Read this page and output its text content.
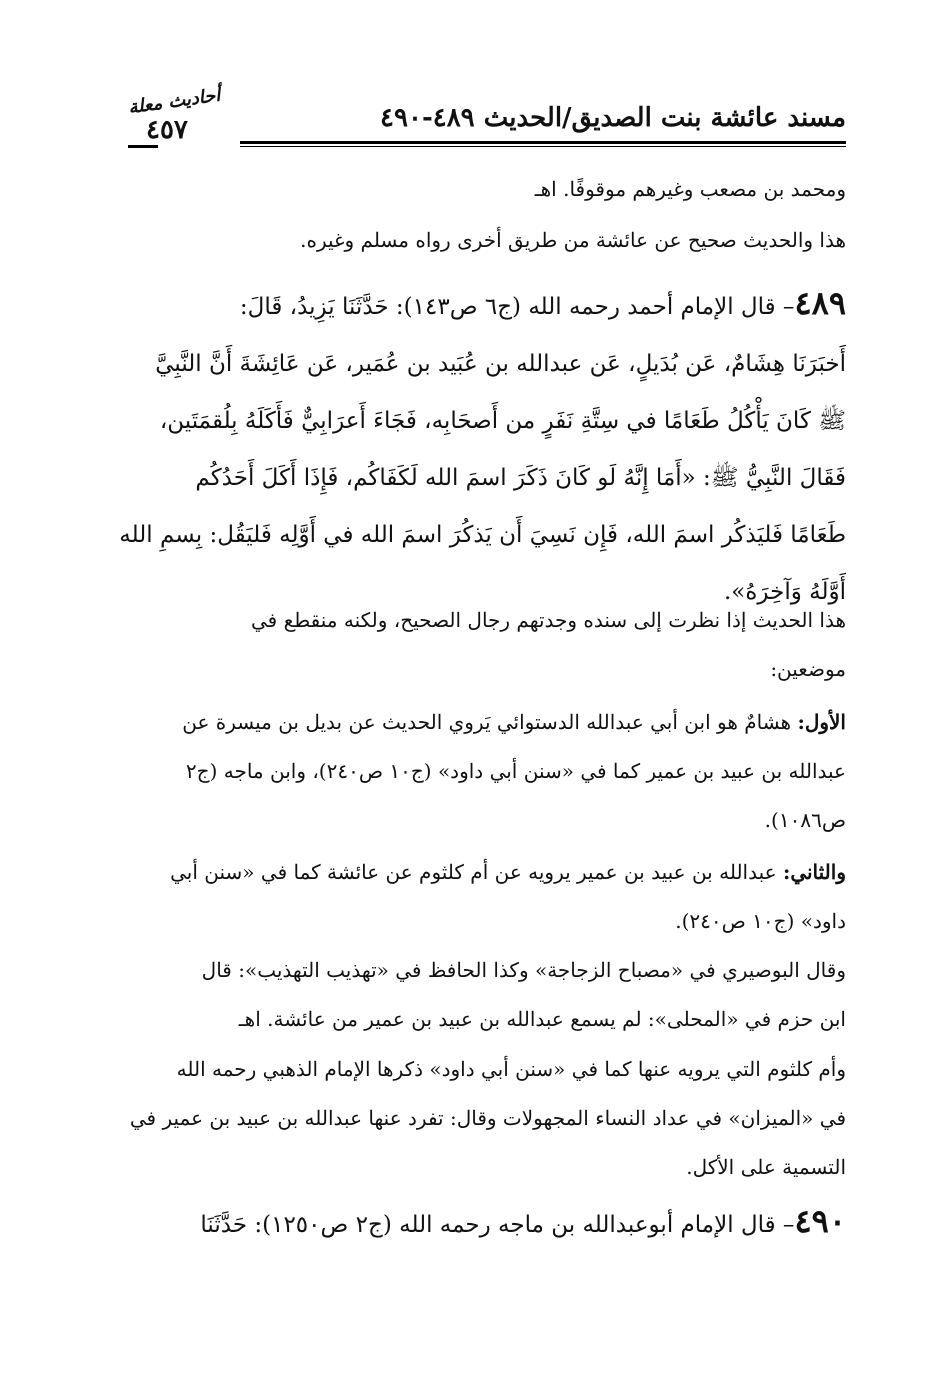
مسند عائشة بنت الصديق/الحديث ٤٨٩-٤٩٠
أحاديث معلة
٤٥٧
ومحمد بن مصعب وغيرهم موقوفًا. اهـ
هذا والحديث صحيح عن عائشة من طريق أخرى رواه مسلم وغيره.
٤٨٩– قال الإمام أحمد رحمه الله (ج٦ ص١٤٣): حَدَّثَنَا يَزِيدُ، قَالَ:
أَخبَرَنَا هِشَامٌ، عَن بُدَيلٍ، عَن عبدالله بن عُبَيد بن عُمَير، عَن عَائِشَةَ أَنَّ النَّبِيَّ
ﷺ كَانَ يَأْكُلُ طَعَامًا في سِتَّةِ نَفَرٍ من أَصحَابِه، فَجَاءَ أَعرَابِيٌّ فَأَكَلَهُ بِلُقمَتَين،
فَقَالَ النَّبِيُّ ﷺ: «أَمَا إِنَّهُ لَو كَانَ ذَكَرَ اسمَ الله لَكَفَاكُم، فَإِذَا أَكَلَ أَحَدُكُم
طَعَامًا فَليَذكُر اسمَ الله، فَإِن نَسِيَ أَن يَذكُرَ اسمَ الله في أَوَّلِه فَليَقُل: بِسمِ الله
أَوَّلَهُ وَآخِرَهُ».
هذا الحديث إذا نظرت إلى سنده وجدتهم رجال الصحيح، ولكنه منقطع في
موضعين:
الأول: هشامٌ هو ابن أبي عبدالله الدستوائي يَروي الحديث عن بديل بن ميسرة عن
عبدالله بن عبيد بن عمير كما في «سنن أبي داود» (ج١٠ ص٢٤٠)، وابن ماجه (ج٢
ص١٠٨٦).
والثاني: عبدالله بن عبيد بن عمير يرويه عن أم كلثوم عن عائشة كما في «سنن أبي
داود» (ج١٠ ص٢٤٠).
وقال البوصيري في «مصباح الزجاجة» وكذا الحافظ في «تهذيب التهذيب»: قال
ابن حزم في «المحلى»: لم يسمع عبدالله بن عبيد بن عمير من عائشة. اهـ
وأم كلثوم التي يرويه عنها كما في «سنن أبي داود» ذكرها الإمام الذهبي رحمه الله
في «الميزان» في عداد النساء المجهولات وقال: تفرد عنها عبدالله بن عبيد بن عمير في
التسمية على الأكل.
٤٩٠– قال الإمام أبوعبدالله بن ماجه رحمه الله (ج٢ ص١٢٥٠): حَدَّثَنَا
